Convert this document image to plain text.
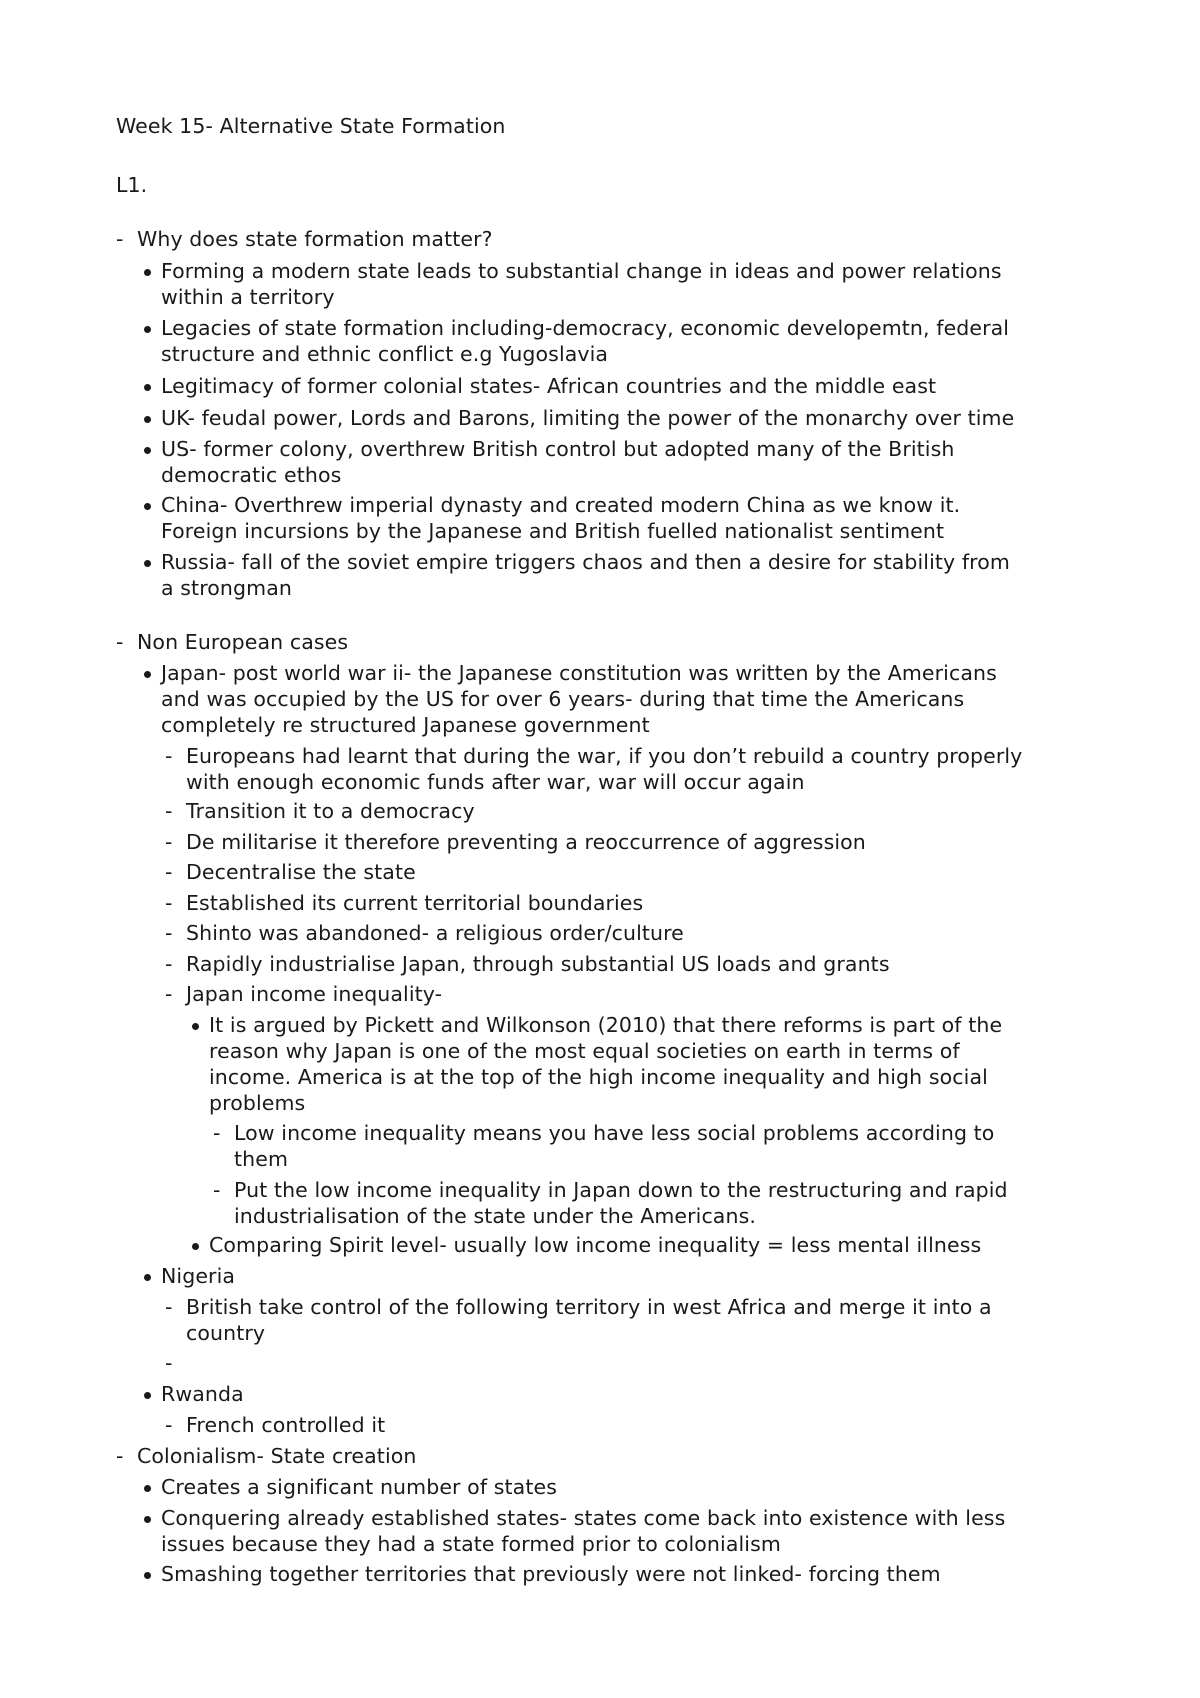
Week 15- Alternative State Formation
L1.
- Why does state formation matter?
Forming a modern state leads to substantial change in ideas and power relations
within a territory
Legacies of state formation including-democracy, economic developemtn, federal
structure and ethnic conflict e.g Yugoslavia
Legitimacy of former colonial states- African countries and the middle east
UK- feudal power, Lords and Barons, limiting the power of the monarchy over time
US- former colony, overthrew British control but adopted many of the British
democratic ethos
China- Overthrew imperial dynasty and created modern China as we know it.
Foreign incursions by the Japanese and British fuelled nationalist sentiment
Russia- fall of the soviet empire triggers chaos and then a desire for stability from
a strongman
- Non European cases
Japan- post world war ii- the Japanese constitution was written by the Americans
and was occupied by the US for over 6 years- during that time the Americans
completely re structured Japanese government
- Europeans had learnt that during the war, if you don’t rebuild a country properly
with enough economic funds after war, war will occur again
- Transition it to a democracy
- De militarise it therefore preventing a reoccurrence of aggression
- Decentralise the state
- Established its current territorial boundaries
- Shinto was abandoned- a religious order/culture
- Rapidly industrialise Japan, through substantial US loads and grants
- Japan income inequality-
It is argued by Pickett and Wilkonson (2010) that there reforms is part of the
reason why Japan is one of the most equal societies on earth in terms of
income. America is at the top of the high income inequality and high social
problems
- Low income inequality means you have less social problems according to
them
- Put the low income inequality in Japan down to the restructuring and rapid
industrialisation of the state under the Americans.
Comparing Spirit level- usually low income inequality = less mental illness
Nigeria
- British take control of the following territory in west Africa and merge it into a
country
-
Rwanda
- French controlled it
- Colonialism- State creation
Creates a significant number of states
Conquering already established states- states come back into existence with less
issues because they had a state formed prior to colonialism
Smashing together territories that previously were not linked- forcing them
